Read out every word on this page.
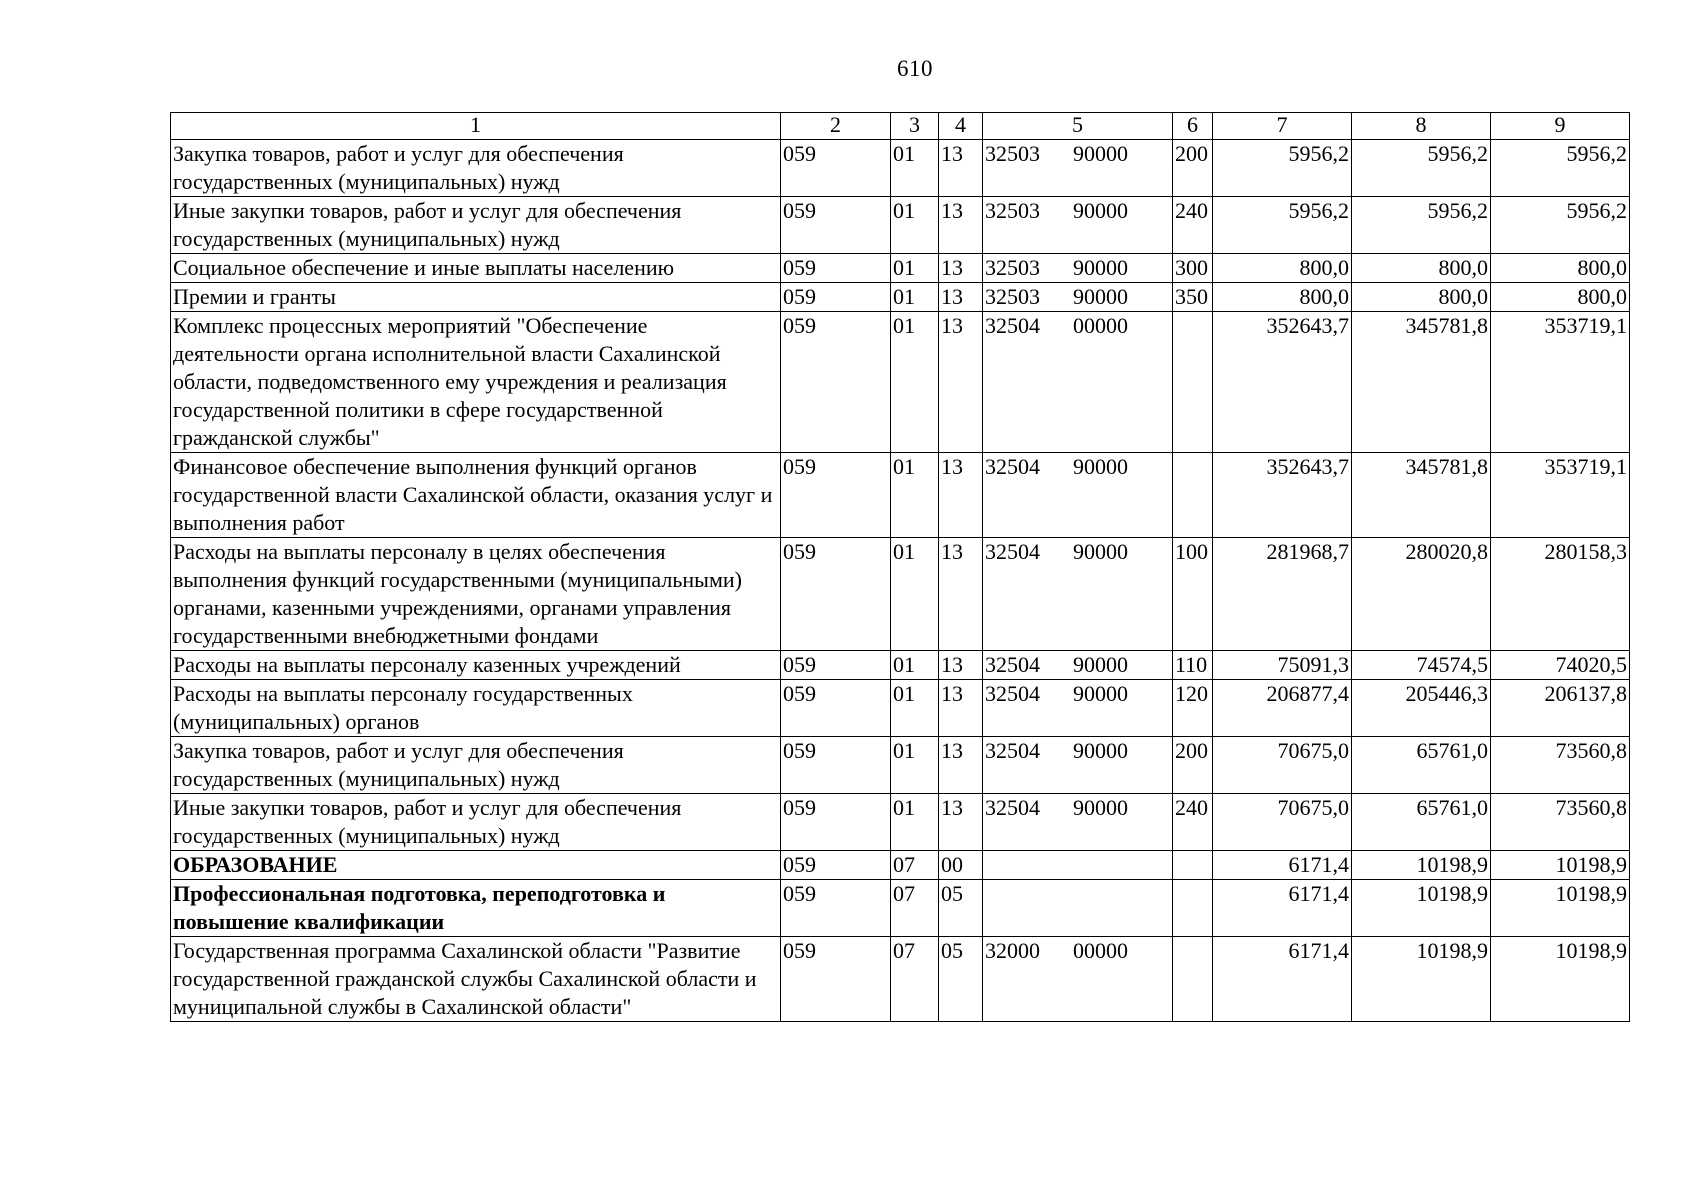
610
1	2	3	4	5	6	7	8	9
Закупка товаров, работ и услуг для обеспечения государственных (муниципальных) нужд	059	01	13	32503 90000	200	5956,2	5956,2	5956,2
Иные закупки товаров, работ и услуг для обеспечения государственных (муниципальных) нужд	059	01	13	32503 90000	240	5956,2	5956,2	5956,2
Социальное обеспечение и иные выплаты населению	059	01	13	32503 90000	300	800,0	800,0	800,0
Премии и гранты	059	01	13	32503 90000	350	800,0	800,0	800,0
Комплекс процессных мероприятий "Обеспечение деятельности органа исполнительной власти Сахалинской области, подведомственного ему учреждения и реализация государственной политики в сфере государственной гражданской службы"	059	01	13	32504 00000		352643,7	345781,8	353719,1
Финансовое обеспечение выполнения функций органов государственной власти Сахалинской области, оказания услуг и выполнения работ	059	01	13	32504 90000		352643,7	345781,8	353719,1
Расходы на выплаты персоналу в целях обеспечения выполнения функций государственными (муниципальными) органами, казенными учреждениями, органами управления государственными внебюджетными фондами	059	01	13	32504 90000	100	281968,7	280020,8	280158,3
Расходы на выплаты персоналу казенных учреждений	059	01	13	32504 90000	110	75091,3	74574,5	74020,5
Расходы на выплаты персоналу государственных (муниципальных) органов	059	01	13	32504 90000	120	206877,4	205446,3	206137,8
Закупка товаров, работ и услуг для обеспечения государственных (муниципальных) нужд	059	01	13	32504 90000	200	70675,0	65761,0	73560,8
Иные закупки товаров, работ и услуг для обеспечения государственных (муниципальных) нужд	059	01	13	32504 90000	240	70675,0	65761,0	73560,8
ОБРАЗОВАНИЕ	059	07	00			6171,4	10198,9	10198,9
Профессиональная подготовка, переподготовка и повышение квалификации	059	07	05			6171,4	10198,9	10198,9
Государственная программа Сахалинской области "Развитие государственной гражданской службы Сахалинской области и муниципальной службы в Сахалинской области"	059	07	05	32000 00000		6171,4	10198,9	10198,9
